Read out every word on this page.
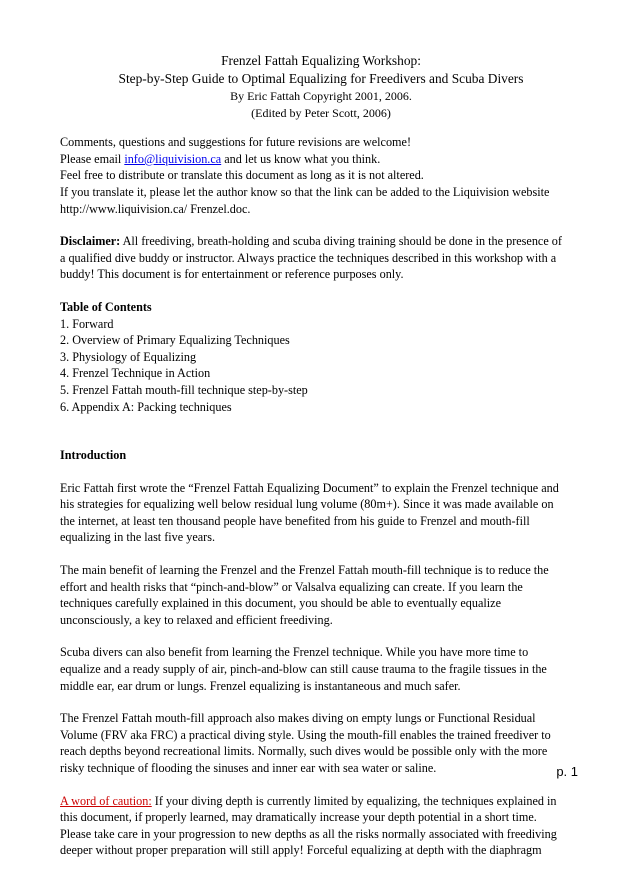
Frenzel Fattah Equalizing Workshop:
Step-by-Step Guide to Optimal Equalizing for Freedivers and Scuba Divers
By Eric Fattah Copyright 2001, 2006.
(Edited by Peter Scott, 2006)
Comments, questions and suggestions for future revisions are welcome!
Please email info@liquivision.ca and let us know what you think.
Feel free to distribute or translate this document as long as it is not altered.
If you translate it, please let the author know so that the link can be added to the Liquivision website
http://www.liquivision.ca/ Frenzel.doc.
Disclaimer: All freediving, breath-holding and scuba diving training should be done in the presence of
a qualified dive buddy or instructor. Always practice the techniques described in this workshop with a
buddy! This document is for entertainment or reference purposes only.
Table of Contents
1. Forward
2. Overview of Primary Equalizing Techniques
3. Physiology of Equalizing
4. Frenzel Technique in Action
5. Frenzel Fattah mouth-fill technique step-by-step
6. Appendix A: Packing techniques
Introduction
Eric Fattah first wrote the “Frenzel Fattah Equalizing Document” to explain the Frenzel technique and
his strategies for equalizing well below residual lung volume (80m+). Since it was made available on
the internet, at least ten thousand people have benefited from his guide to Frenzel and mouth-fill
equalizing in the last five years.
The main benefit of learning the Frenzel and the Frenzel Fattah mouth-fill technique is to reduce the
effort and health risks that “pinch-and-blow” or Valsalva equalizing can create. If you learn the
techniques carefully explained in this document, you should be able to eventually equalize
unconsciously, a key to relaxed and efficient freediving.
Scuba divers can also benefit from learning the Frenzel technique. While you have more time to
equalize and a ready supply of air, pinch-and-blow can still cause trauma to the fragile tissues in the
middle ear, ear drum or lungs. Frenzel equalizing is instantaneous and much safer.
The Frenzel Fattah mouth-fill approach also makes diving on empty lungs or Functional Residual
Volume (FRV aka FRC) a practical diving style. Using the mouth-fill enables the trained freediver to
reach depths beyond recreational limits. Normally, such dives would be possible only with the more
risky technique of flooding the sinuses and inner ear with sea water or saline.
A word of caution: If your diving depth is currently limited by equalizing, the techniques explained in
this document, if properly learned, may dramatically increase your depth potential in a short time.
Please take care in your progression to new depths as all the risks normally associated with freediving
deeper without proper preparation will still apply! Forceful equalizing at depth with the diaphragm
p. 1
